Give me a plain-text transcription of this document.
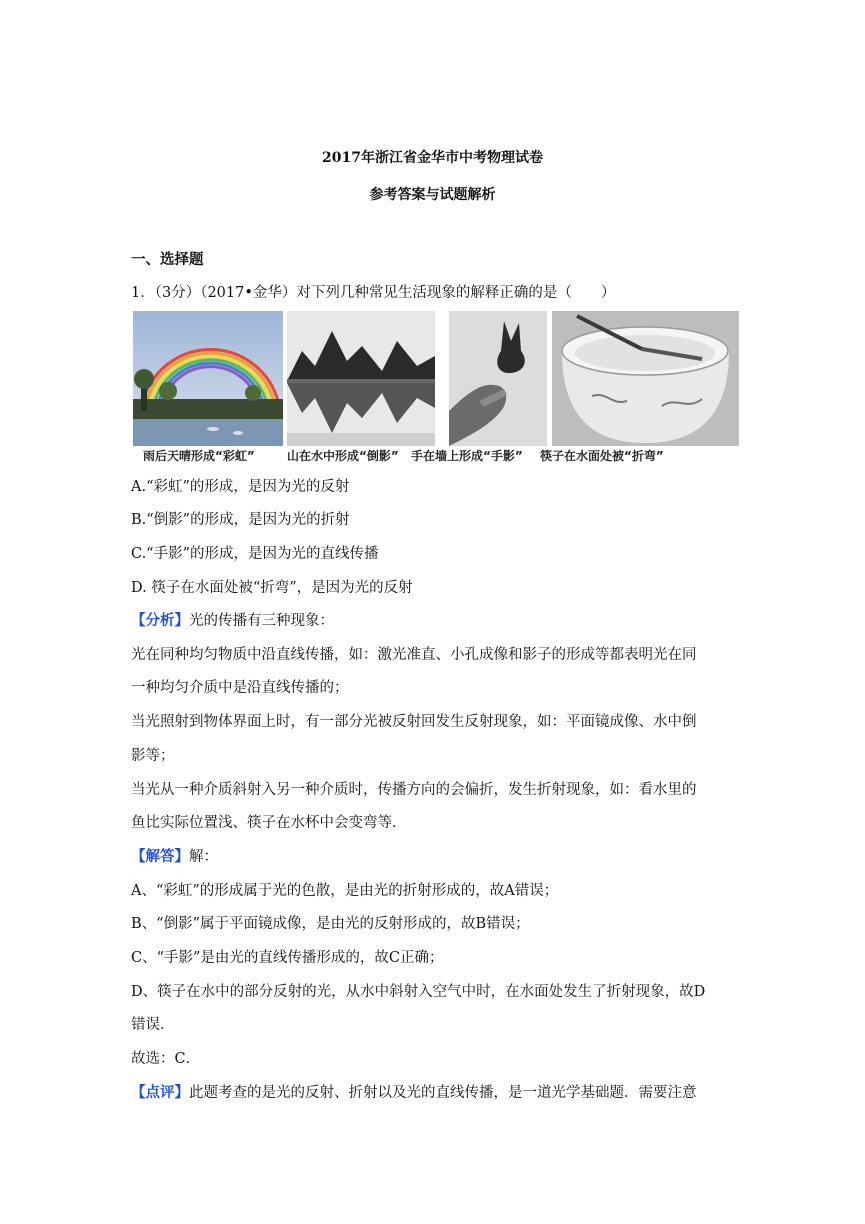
2017年浙江省金华市中考物理试卷
参考答案与试题解析
一、选择题
1．（3分）（2017•金华）对下列几种常见生活现象的解释正确的是（　　）
雨后天晴形成“彩虹”	山在水中形成“倒影” 手在墙上形成“手影” 筷子在水面处被“折弯”
A.“彩虹”的形成，是因为光的反射
B.“倒影”的形成，是因为光的折射
C.“手影”的形成，是因为光的直线传播
D. 筷子在水面处被“折弯”，是因为光的反射
【分析】光的传播有三种现象：
光在同种均匀物质中沿直线传播，如：激光准直、小孔成像和影子的形成等都表明光在同
一种均匀介质中是沿直线传播的；
当光照射到物体界面上时，有一部分光被反射回发生反射现象，如：平面镜成像、水中倒
影等；
当光从一种介质斜射入另一种介质时，传播方向的会偏折，发生折射现象，如：看水里的
鱼比实际位置浅、筷子在水杯中会变弯等．
【解答】解：
A、“彩虹”的形成属于光的色散，是由光的折射形成的，故A错误；
B、“倒影”属于平面镜成像，是由光的反射形成的，故B错误；
C、“手影”是由光的直线传播形成的，故C正确；
D、筷子在水中的部分反射的光，从水中斜射入空气中时，在水面处发生了折射现象，故D
错误．
故选：C．
【点评】此题考查的是光的反射、折射以及光的直线传播，是一道光学基础题．需要注意
